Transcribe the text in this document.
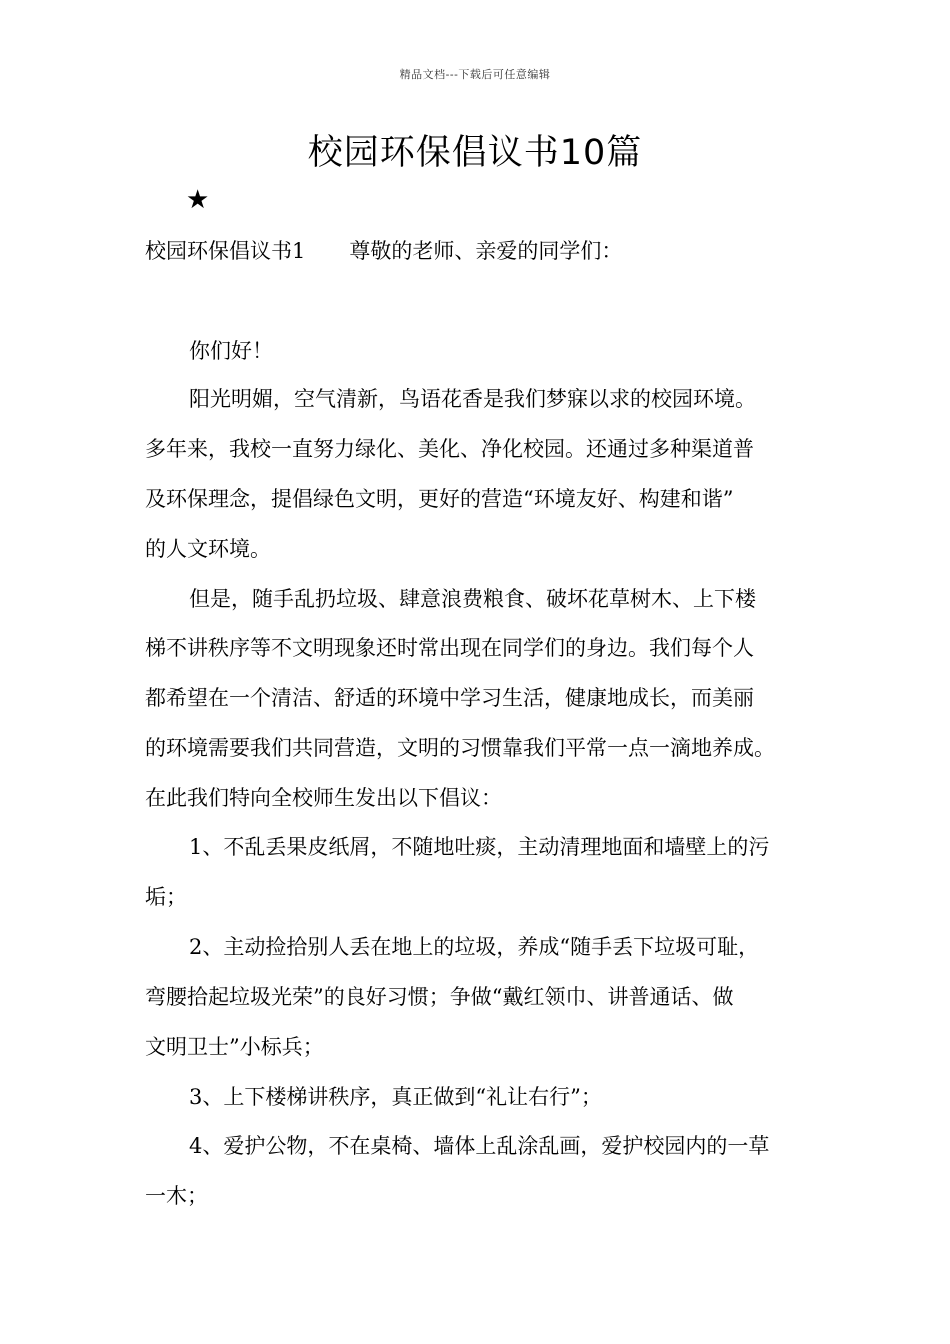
精品文档---下载后可任意编辑
校园环保倡议书10篇
★
校园环保倡议书1 尊敬的老师、亲爱的同学们：
你们好！
阳光明媚，空气清新，鸟语花香是我们梦寐以求的校园环境。
多年来，我校一直努力绿化、美化、净化校园。还通过多种渠道普
及环保理念，提倡绿色文明，更好的营造“环境友好、构建和谐”
的人文环境。
但是，随手乱扔垃圾、肆意浪费粮食、破坏花草树木、上下楼
梯不讲秩序等不文明现象还时常出现在同学们的身边。我们每个人
都希望在一个清洁、舒适的环境中学习生活，健康地成长，而美丽
的环境需要我们共同营造，文明的习惯靠我们平常一点一滴地养成。
在此我们特向全校师生发出以下倡议：
1、不乱丢果皮纸屑，不随地吐痰，主动清理地面和墙壁上的污
垢；
2、主动捡拾别人丢在地上的垃圾，养成“随手丢下垃圾可耻，
弯腰拾起垃圾光荣”的良好习惯；争做“戴红领巾、讲普通话、做
文明卫士”小标兵；
3、上下楼梯讲秩序，真正做到“礼让右行”；
4、爱护公物，不在桌椅、墙体上乱涂乱画，爱护校园内的一草
一木；
